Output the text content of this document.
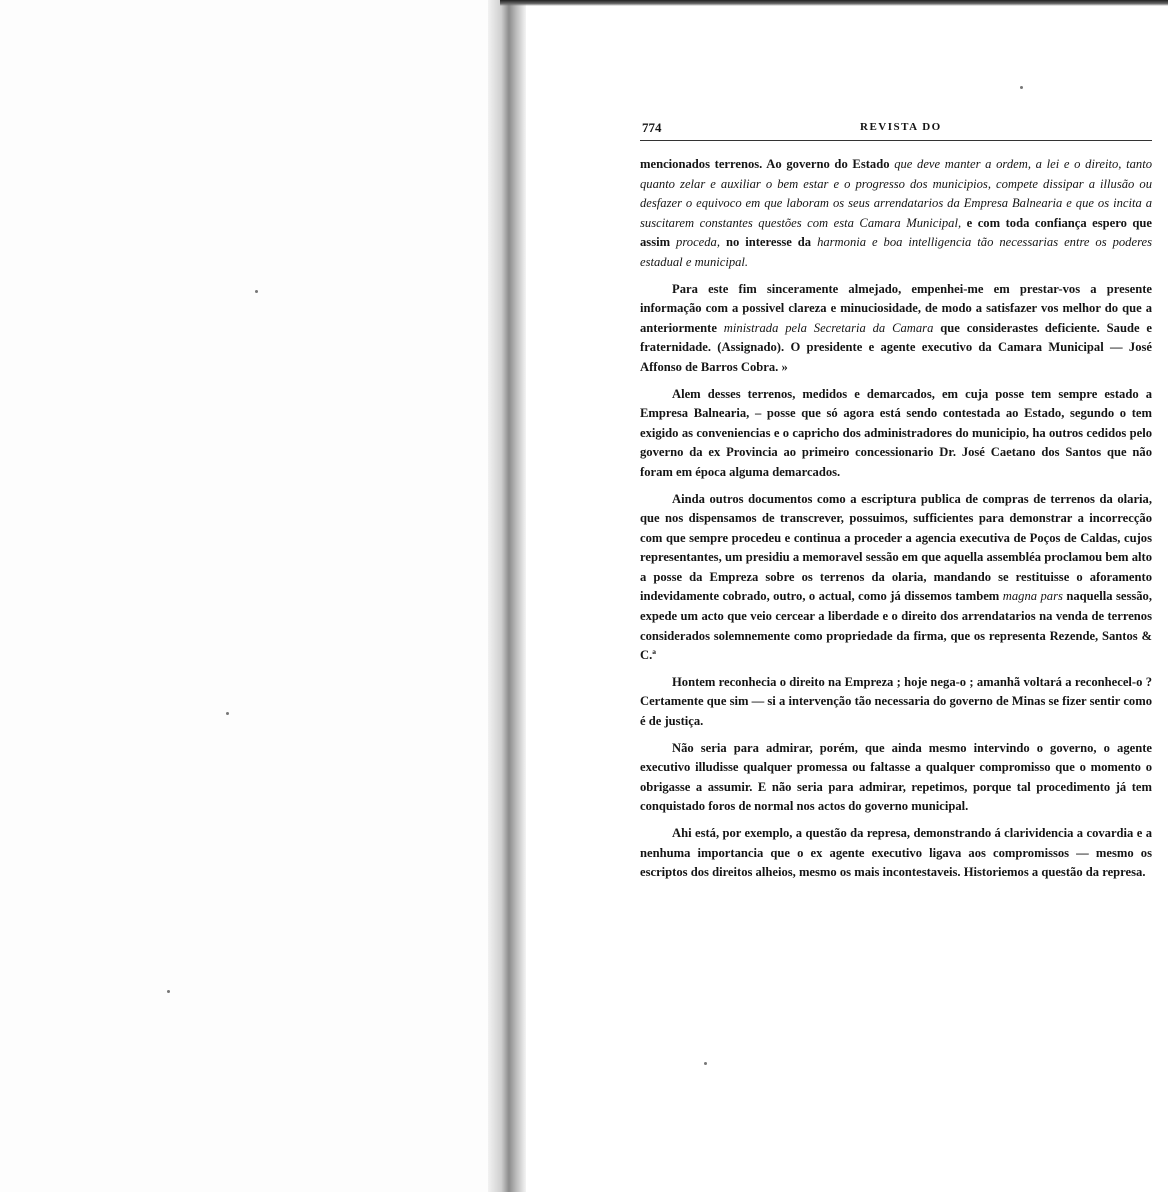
774	REVISTA DO

mencionados terrenos. Ao governo do Estado que deve manter a ordem, a lei e o direito, tanto quanto zelar e auxiliar o bem estar e o progresso dos municipios, compete dissipar a illusão ou desfazer o equivoco em que laboram os seus arrendatarios da Empresa Balnearia e que os incita a suscitarem constantes questões com esta Camara Municipal, e com toda confiança espero que assim proceda, no interesse da harmonia e boa intelligencia tão necessarias entre os poderes estadual e municipal.

Para este fim sinceramente almejado, empenhei-me em prestar-vos a presente informação com a possivel clareza e minuciosidade, de modo a satisfazer vos melhor do que a anteriormente ministrada pela Secretaria da Camara que considerastes deficiente. Saude e fraternidade. (Assignado). O presidente e agente executivo da Camara Municipal — José Affonso de Barros Cobra. »

Alem desses terrenos, medidos e demarcados, em cuja posse tem sempre estado a Empresa Balnearia, – posse que só agora está sendo contestada ao Estado, segundo o tem exigido as conveniencias e o capricho dos administradores do municipio, ha outros cedidos pelo governo da ex Provincia ao primeiro concessionario Dr. José Caetano dos Santos que não foram em época alguma demarcados.

Ainda outros documentos como a escriptura publica de compras de terrenos da olaria, que nos dispensamos de transcrever, possuimos, sufficientes para demonstrar a incorrecção com que sempre procedeu e continua a proceder a agencia executiva de Poços de Caldas, cujos representantes, um presidiu a memoravel sessão em que aquella assembléa proclamou bem alto a posse da Empreza sobre os terrenos da olaria, mandando se restituisse o aforamento indevidamente cobrado, outro, o actual, como já dissemos tambem magna pars naquella sessão, expede um acto que veio cercear a liberdade e o direito dos arrendatarios na venda de terrenos considerados solemnemente como propriedade da firma, que os representa Rezende, Santos & C.ª

Hontem reconhecia o direito na Empreza ; hoje nega-o ; amanhã voltará a reconhecel-o ? Certamente que sim — si a intervenção tão necessaria do governo de Minas se fizer sentir como é de justiça.

Não seria para admirar, porém, que ainda mesmo intervindo o governo, o agente executivo illudisse qualquer promessa ou faltasse a qualquer compromisso que o momento o obrigasse a assumir. E não seria para admirar, repetimos, porque tal procedimento já tem conquistado foros de normal nos actos do governo municipal.

Ahi está, por exemplo, a questão da represa, demonstrando á clarividencia a covardia e a nenhuma importancia que o ex agente executivo ligava aos compromissos — mesmo os escriptos dos direitos alheios, mesmo os mais incontestaveis. Historiemos a questão da represa.
